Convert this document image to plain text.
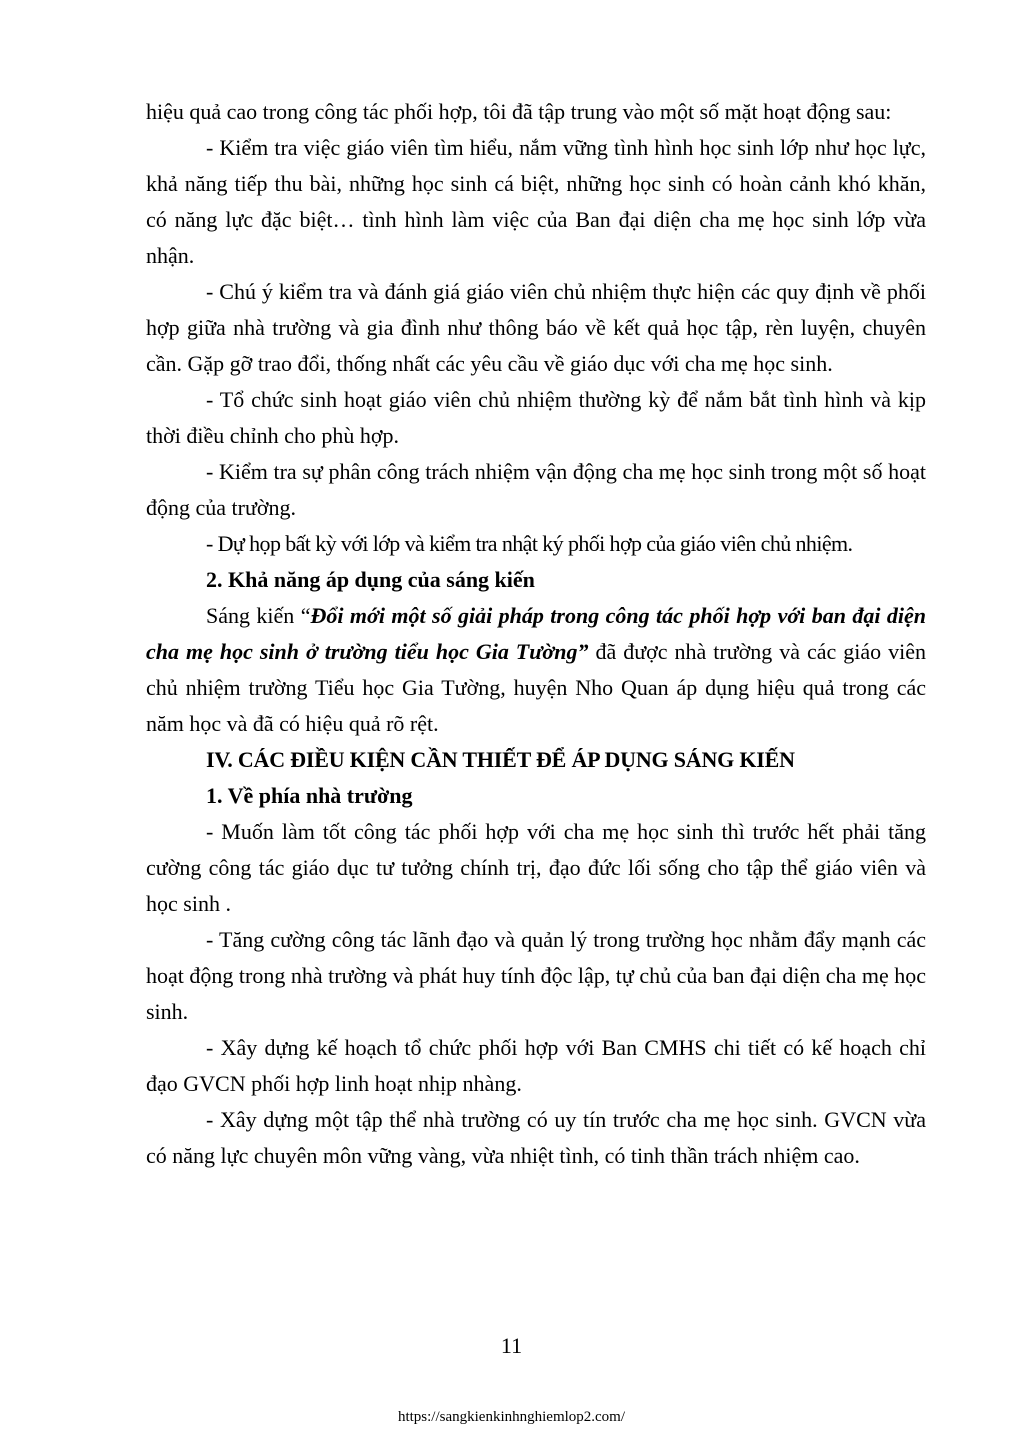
hiệu quả cao trong công tác phối hợp, tôi đã tập trung vào một số mặt hoạt động sau:

- Kiểm tra việc giáo viên tìm hiểu, nắm vững tình hình học sinh lớp như học lực, khả năng tiếp thu bài, những học sinh cá biệt, những học sinh có hoàn cảnh khó khăn, có năng lực đặc biệt… tình hình làm việc của Ban đại diện cha mẹ học sinh lớp vừa nhận.

- Chú ý kiểm tra và đánh giá giáo viên chủ nhiệm thực hiện các quy định về phối hợp giữa nhà trường và gia đình như thông báo về kết quả học tập, rèn luyện, chuyên cần. Gặp gỡ trao đổi, thống nhất các yêu cầu về giáo dục với cha mẹ học sinh.

- Tổ chức sinh hoạt giáo viên chủ nhiệm thường kỳ để nắm bắt tình hình và kịp thời điều chỉnh cho phù hợp.

- Kiểm tra sự phân công trách nhiệm vận động cha mẹ học sinh trong một số hoạt động của trường.

- Dự họp bất kỳ với lớp và kiểm tra nhật ký phối hợp của giáo viên chủ nhiệm.

2. Khả năng áp dụng của sáng kiến

Sáng kiến “Đổi mới một số giải pháp trong công tác phối hợp với ban đại diện cha mẹ học sinh ở trường tiểu học Gia Tường” đã được nhà trường và các giáo viên chủ nhiệm trường Tiểu học Gia Tường, huyện Nho Quan áp dụng hiệu quả trong các năm học và đã có hiệu quả rõ rệt.

IV. CÁC ĐIỀU KIỆN CẦN THIẾT ĐỂ ÁP DỤNG SÁNG KIẾN

1. Về phía nhà trường

- Muốn làm tốt công tác phối hợp với cha mẹ học sinh thì trước hết phải tăng cường công tác giáo dục tư tưởng chính trị, đạo đức lối sống cho tập thể giáo viên và học sinh .

- Tăng cường công tác lãnh đạo và quản lý trong trường học nhằm đẩy mạnh các hoạt động trong nhà trường và phát huy tính độc lập, tự chủ của ban đại diện cha mẹ học sinh.

- Xây dựng kế hoạch tổ chức phối hợp với Ban CMHS chi tiết có kế hoạch chỉ đạo GVCN phối hợp linh hoạt nhịp nhàng.

- Xây dựng một tập thể nhà trường có uy tín trước cha mẹ học sinh. GVCN vừa có năng lực chuyên môn vững vàng, vừa nhiệt tình, có tinh thần trách nhiệm cao.

11
https://sangkienkinhnghiemlop2.com/
